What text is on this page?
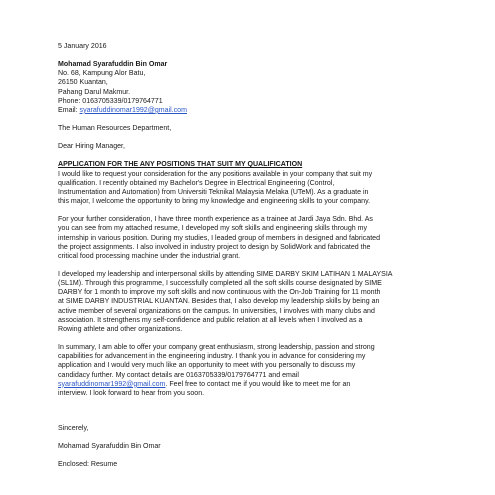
5 January 2016

Mohamad Syarafuddin Bin Omar

No. 68, Kampung Alor Batu,

26150 Kuantan,

Pahang Darul Makmur.

Phone: 0163705339/0179764771

Email: syarafuddinomar1992@gmail.com

The Human Resources Department,

Dear Hiring Manager,

APPLICATION FOR THE ANY POSITIONS THAT SUIT MY QUALIFICATION

I would like to request your consideration for the any positions available in your company that suit my
qualification. I recently obtained my Bachelor's Degree in Electrical Engineering (Control,
Instrumentation and Automation) from Universiti Teknikal Malaysia Melaka (UTeM). As a graduate in
this major, I welcome the opportunity to bring my knowledge and engineering skills to your company.
For your further consideration, I have three month experience as a trainee at Jardi Jaya Sdn. Bhd. As
you can see from my attached resume, I developed my soft skills and engineering skills through my
internship in various position. During my studies, I leaded group of members in designed and fabricated
the project assignments. I also involved in industry project to design by SolidWork and fabricated the
critical food processing machine under the industrial grant.
I developed my leadership and interpersonal skills by attending SIME DARBY SKIM LATIHAN 1 MALAYSIA
(SL1M). Through this programme, I successfully completed all the soft skills course designated by SIME
DARBY for 1 month to improve my soft skills and now continuous with the On-Job Training for 11 month
at SIME DARBY INDUSTRIAL KUANTAN. Besides that, I also develop my leadership skills by being an
active member of several organizations on the campus. In universities, I involves with many clubs and
association. It strengthens my self-confidence and public relation at all levels when I involved as a
Rowing athlete and other organizations.
In summary, I am able to offer your company great enthusiasm, strong leadership, passion and strong
capabilities for advancement in the engineering industry. I thank you in advance for considering my
application and I would very much like an opportunity to meet with you personally to discuss my
candidacy further. My contact details are 0163705339/0179764771 and email
syarafuddinomar1992@gmail.com. Feel free to contact me if you would like to meet me for an
interview. I look forward to hear from you soon.

Sincerely,

Mohamad Syarafuddin Bin Omar

Enclosed: Resume
